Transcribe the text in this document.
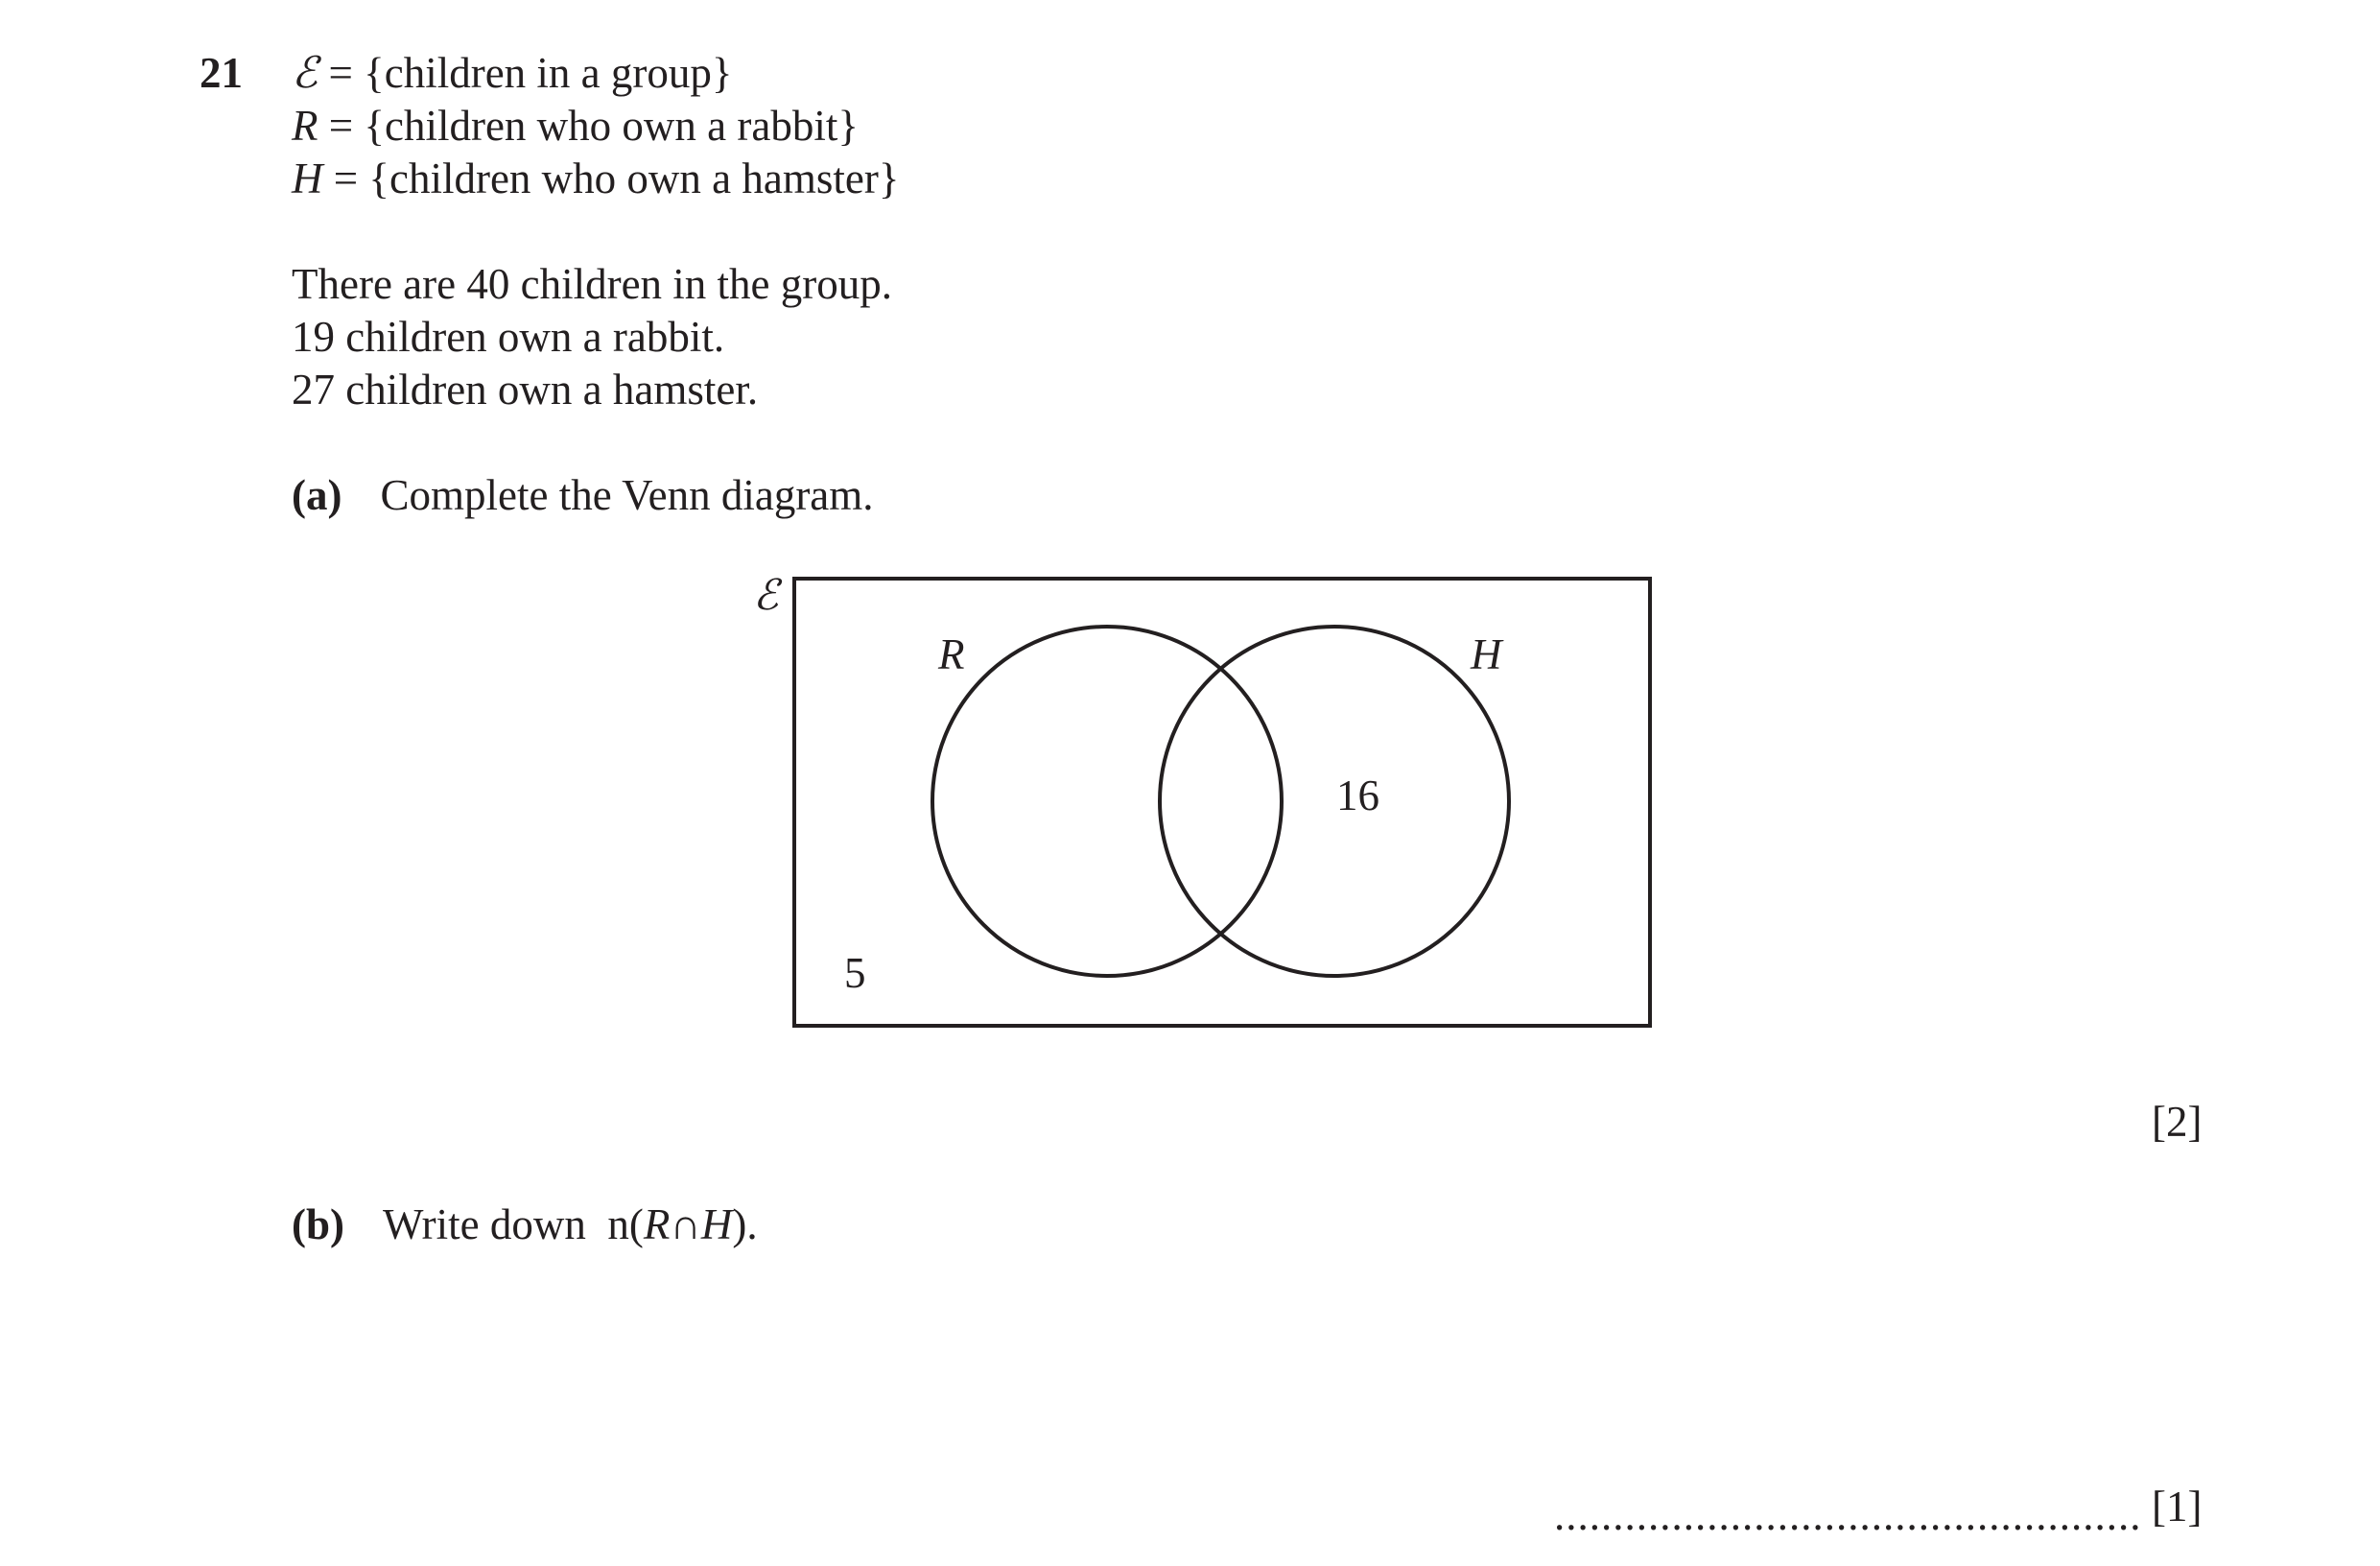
21 ℰ = {children in a group}
R = {children who own a rabbit}
H = {children who own a hamster}
There are 40 children in the group.
19 children own a rabbit.
27 children own a hamster.
(a) Complete the Venn diagram.
ℰ
R	H
16
5
[2]
(b) Write down  n(R∩H).
.................................................. [1]
